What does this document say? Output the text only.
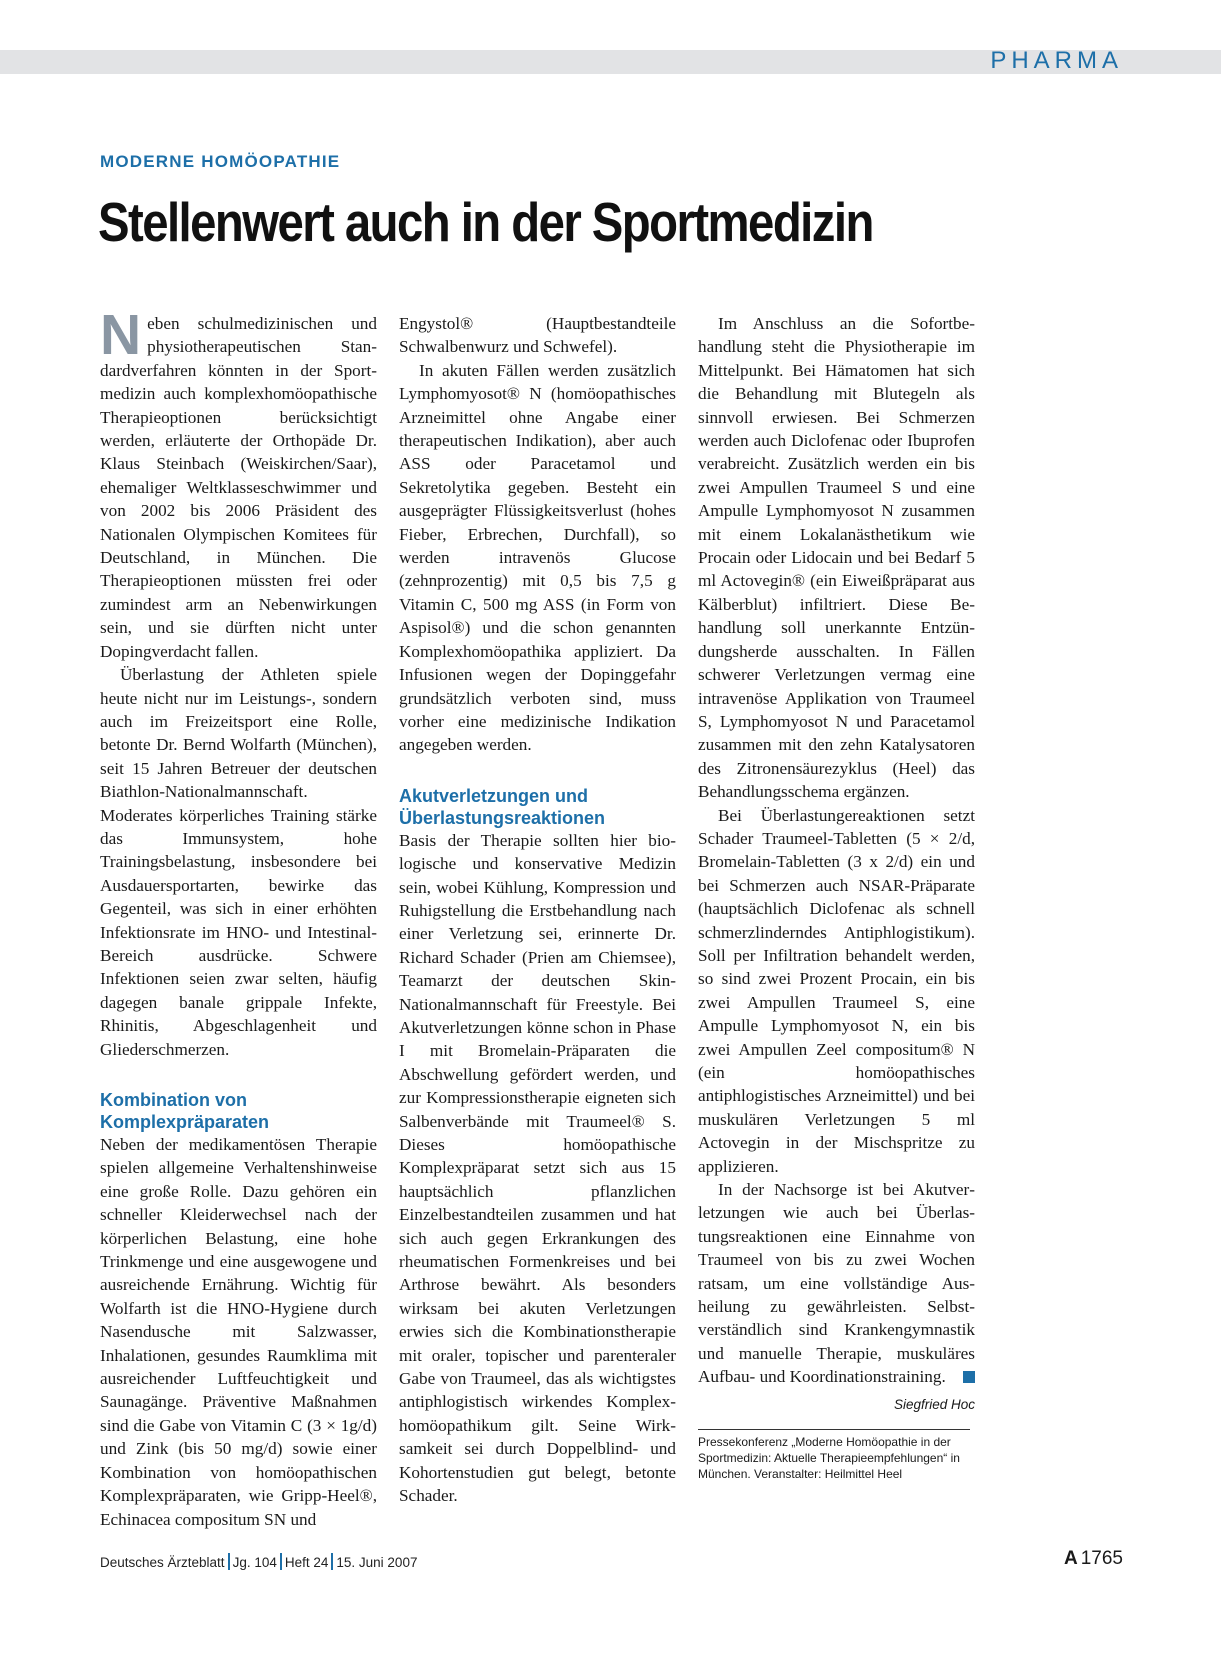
PHARMA
MODERNE HOMÖOPATHIE
Stellenwert auch in der Sportmedizin

Neben schulmedizinischen und physiotherapeutischen Standardverfahren könnten in der Sportmedizin auch komplexhomöopathische Therapieoptionen berücksichtigt werden, erläuterte der Orthopäde Dr. Klaus Steinbach (Weiskirchen/Saar), ehemaliger Weltklasseschwimmer und von 2002 bis 2006 Präsident des Nationalen Olympischen Komitees für Deutschland, in München. Die Therapieoptionen müssten frei oder zumindest arm an Nebenwirkungen sein, und sie dürften nicht unter Dopingverdacht fallen.

Überlastung der Athleten spiele heute nicht nur im Leistungs-, sondern auch im Freizeitsport eine Rolle, betonte Dr. Bernd Wolfarth (München), seit 15 Jahren Betreuer der deutschen Biathlon-Nationalmannschaft. Moderates körperliches Training stärke das Immunsystem, hohe Trainingsbelastung, insbesondere bei Ausdauersportarten, bewirke das Gegenteil, was sich in einer erhöhten Infektionsrate im HNO- und Intestinal-Bereich ausdrücke. Schwere Infektionen seien zwar selten, häufig dagegen banale grippale Infekte, Rhinitis, Abgeschlagenheit und Gliederschmerzen.

Kombination von Komplexpräparaten

Neben der medikamentösen Therapie spielen allgemeine Verhaltenshinweise eine große Rolle. Dazu gehören ein schneller Kleiderwechsel nach der körperlichen Belastung, eine hohe Trinkmenge und eine ausgewogene und ausreichende Ernährung. Wichtig für Wolfarth ist die HNO-Hygiene durch Nasendusche mit Salzwasser, Inhalationen, gesundes Raumklima mit ausreichender Luftfeuchtigkeit und Saunagänge. Präventive Maßnahmen sind die Gabe von Vitamin C (3 × 1g/d) und Zink (bis 50 mg/d) sowie einer Kombination von homöopathischen Komplexpräparaten, wie Gripp-Heel®, Echinacea compositum SN und

Engystol® (Hauptbestandteile Schwalbenwurz und Schwefel).

In akuten Fällen werden zusätzlich Lymphomyosot® N (homöopathisches Arzneimittel ohne Angabe einer therapeutischen Indikation), aber auch ASS oder Paracetamol und Sekretolytika gegeben. Besteht ein ausgeprägter Flüssigkeitsverlust (hohes Fieber, Erbrechen, Durchfall), so werden intravenös Glucose (zehnprozentig) mit 0,5 bis 7,5 g Vitamin C, 500 mg ASS (in Form von Aspisol®) und die schon genannten Komplexhomöopathika appliziert. Da Infusionen wegen der Dopinggefahr grundsätzlich verboten sind, muss vorher eine medizinische Indikation angegeben werden.

Akutverletzungen und Überlastungsreaktionen

Basis der Therapie sollten hier biologische und konservative Medizin sein, wobei Kühlung, Kompression und Ruhigstellung die Erstbehandlung nach einer Verletzung sei, erinnerte Dr. Richard Schader (Prien am Chiemsee), Teamarzt der deutschen Skin-Nationalmannschaft für Freestyle. Bei Akutverletzungen könne schon in Phase I mit Bromelain-Präparaten die Abschwellung gefördert werden, und zur Kompressionstherapie eigneten sich Salbenverbände mit Traumeel® S. Dieses homöopathische Komplexpräparat setzt sich aus 15 hauptsächlich pflanzlichen Einzelbestandteilen zusammen und hat sich auch gegen Erkrankungen des rheumatischen Formenkreises und bei Arthrose bewährt. Als besonders wirksam bei akuten Verletzungen erwies sich die Kombinationstherapie mit oraler, topischer und parenteraler Gabe von Traumeel, das als wichtigstes antiphlogistisch wirkendes Komplexhomöopathikum gilt. Seine Wirksamkeit sei durch Doppelblind- und Kohortenstudien gut belegt, betonte Schader.

Im Anschluss an die Sofortbehandlung steht die Physiotherapie im Mittelpunkt. Bei Hämatomen hat sich die Behandlung mit Blutegeln als sinnvoll erwiesen. Bei Schmerzen werden auch Diclofenac oder Ibuprofen verabreicht. Zusätzlich werden ein bis zwei Ampullen Traumeel S und eine Ampulle Lymphomyosot N zusammen mit einem Lokalanästhetikum wie Procain oder Lidocain und bei Bedarf 5 ml Actovegin® (ein Eiweißpräparat aus Kälberblut) infiltriert. Diese Behandlung soll unerkannte Entzündungsherde ausschalten. In Fällen schwerer Verletzungen vermag eine intravenöse Applikation von Traumeel S, Lymphomyosot N und Paracetamol zusammen mit den zehn Katalysatoren des Zitronensäurezyklus (Heel) das Behandlungsschema ergänzen.

Bei Überlastungereaktionen setzt Schader Traumeel-Tabletten (5 × 2/d, Bromelain-Tabletten (3 x 2/d) ein und bei Schmerzen auch NSAR-Präparate (hauptsächlich Diclofenac als schnell schmerzlinderndes Antiphlogistikum). Soll per Infiltration behandelt werden, so sind zwei Prozent Procain, ein bis zwei Ampullen Traumeel S, eine Ampulle Lymphomyosot N, ein bis zwei Ampullen Zeel compositum® N (ein homöopathisches antiphlogistisches Arzneimittel) und bei muskulären Verletzungen 5 ml Actovegin in der Mischspritze zu applizieren.

In der Nachsorge ist bei Akutverletzungen wie auch bei Überlastungsreaktionen eine Einnahme von Traumeel von bis zu zwei Wochen ratsam, um eine vollständige Ausheilung zu gewährleisten. Selbstverständlich sind Krankengymnastik und manuelle Therapie, muskuläres Aufbau- und Koordinationstraining.

Siegfried Hoc
Pressekonferenz „Moderne Homöopathie in der Sportmedizin: Aktuelle Therapieempfehlungen“ in München. Veranstalter: Heilmittel Heel
Deutsches Ärzteblatt Jg. 104 Heft 24 15. Juni 2007	A 1765
